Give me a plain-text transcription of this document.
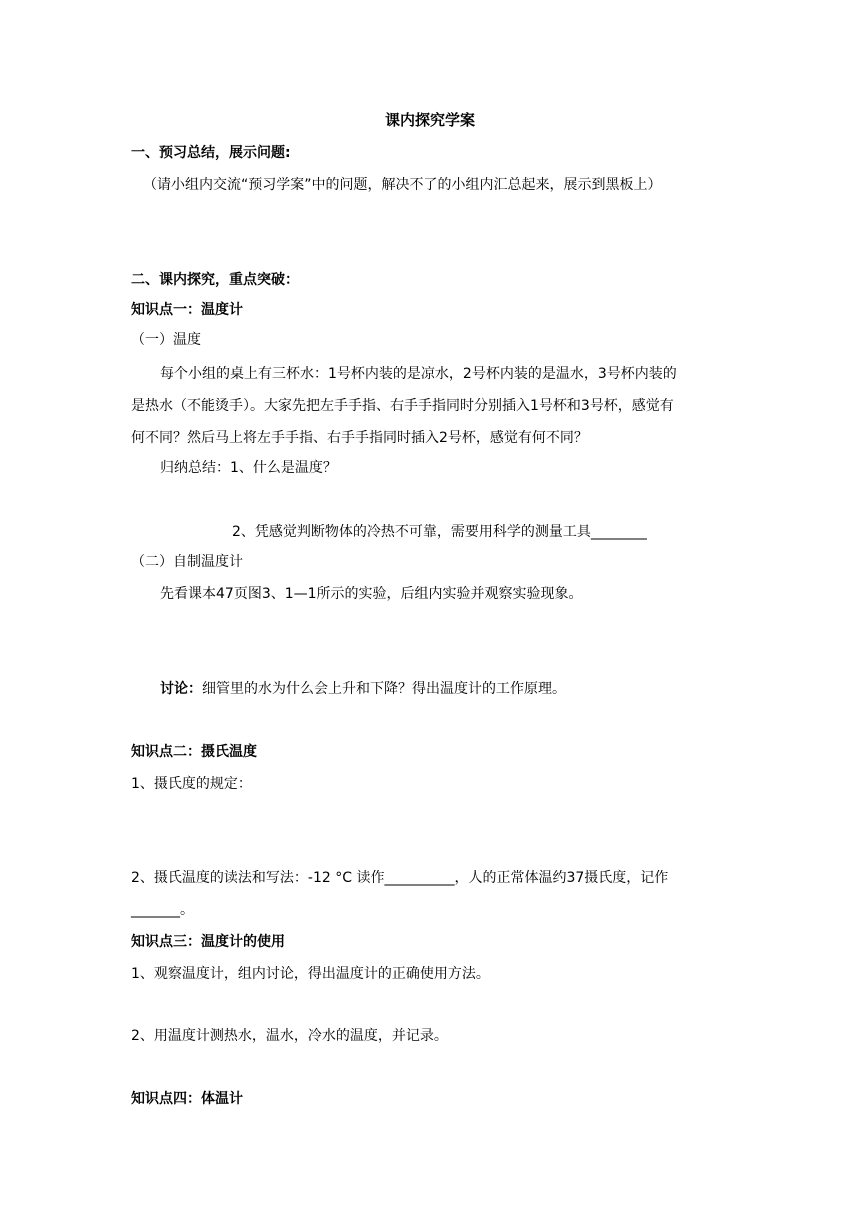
课内探究学案
一、预习总结，展示问题:
（请小组内交流“预习学案”中的问题，解决不了的小组内汇总起来，展示到黑板上）
二、课内探究，重点突破：
知识点一：温度计
（一）温度
每个小组的桌上有三杯水：1号杯内装的是凉水，2号杯内装的是温水，3号杯内装的
是热水（不能烫手）。大家先把左手手指、右手手指同时分别插入1号杯和3号杯，感觉有
何不同？然后马上将左手手指、右手手指同时插入2号杯，感觉有何不同？
归纳总结：1、什么是温度？
2、凭感觉判断物体的冷热不可靠，需要用科学的测量工具________
（二）自制温度计
先看课本47页图3、1—1所示的实验，后组内实验并观察实验现象。
讨论：细管里的水为什么会上升和下降？得出温度计的工作原理。
知识点二：摄氏温度
1、摄氏度的规定：
2、摄氏温度的读法和写法：-12 °C 读作__________，人的正常体温约37摄氏度，记作
_______。
知识点三：温度计的使用
1、观察温度计，组内讨论，得出温度计的正确使用方法。
2、用温度计测热水，温水，冷水的温度，并记录。
知识点四：体温计
